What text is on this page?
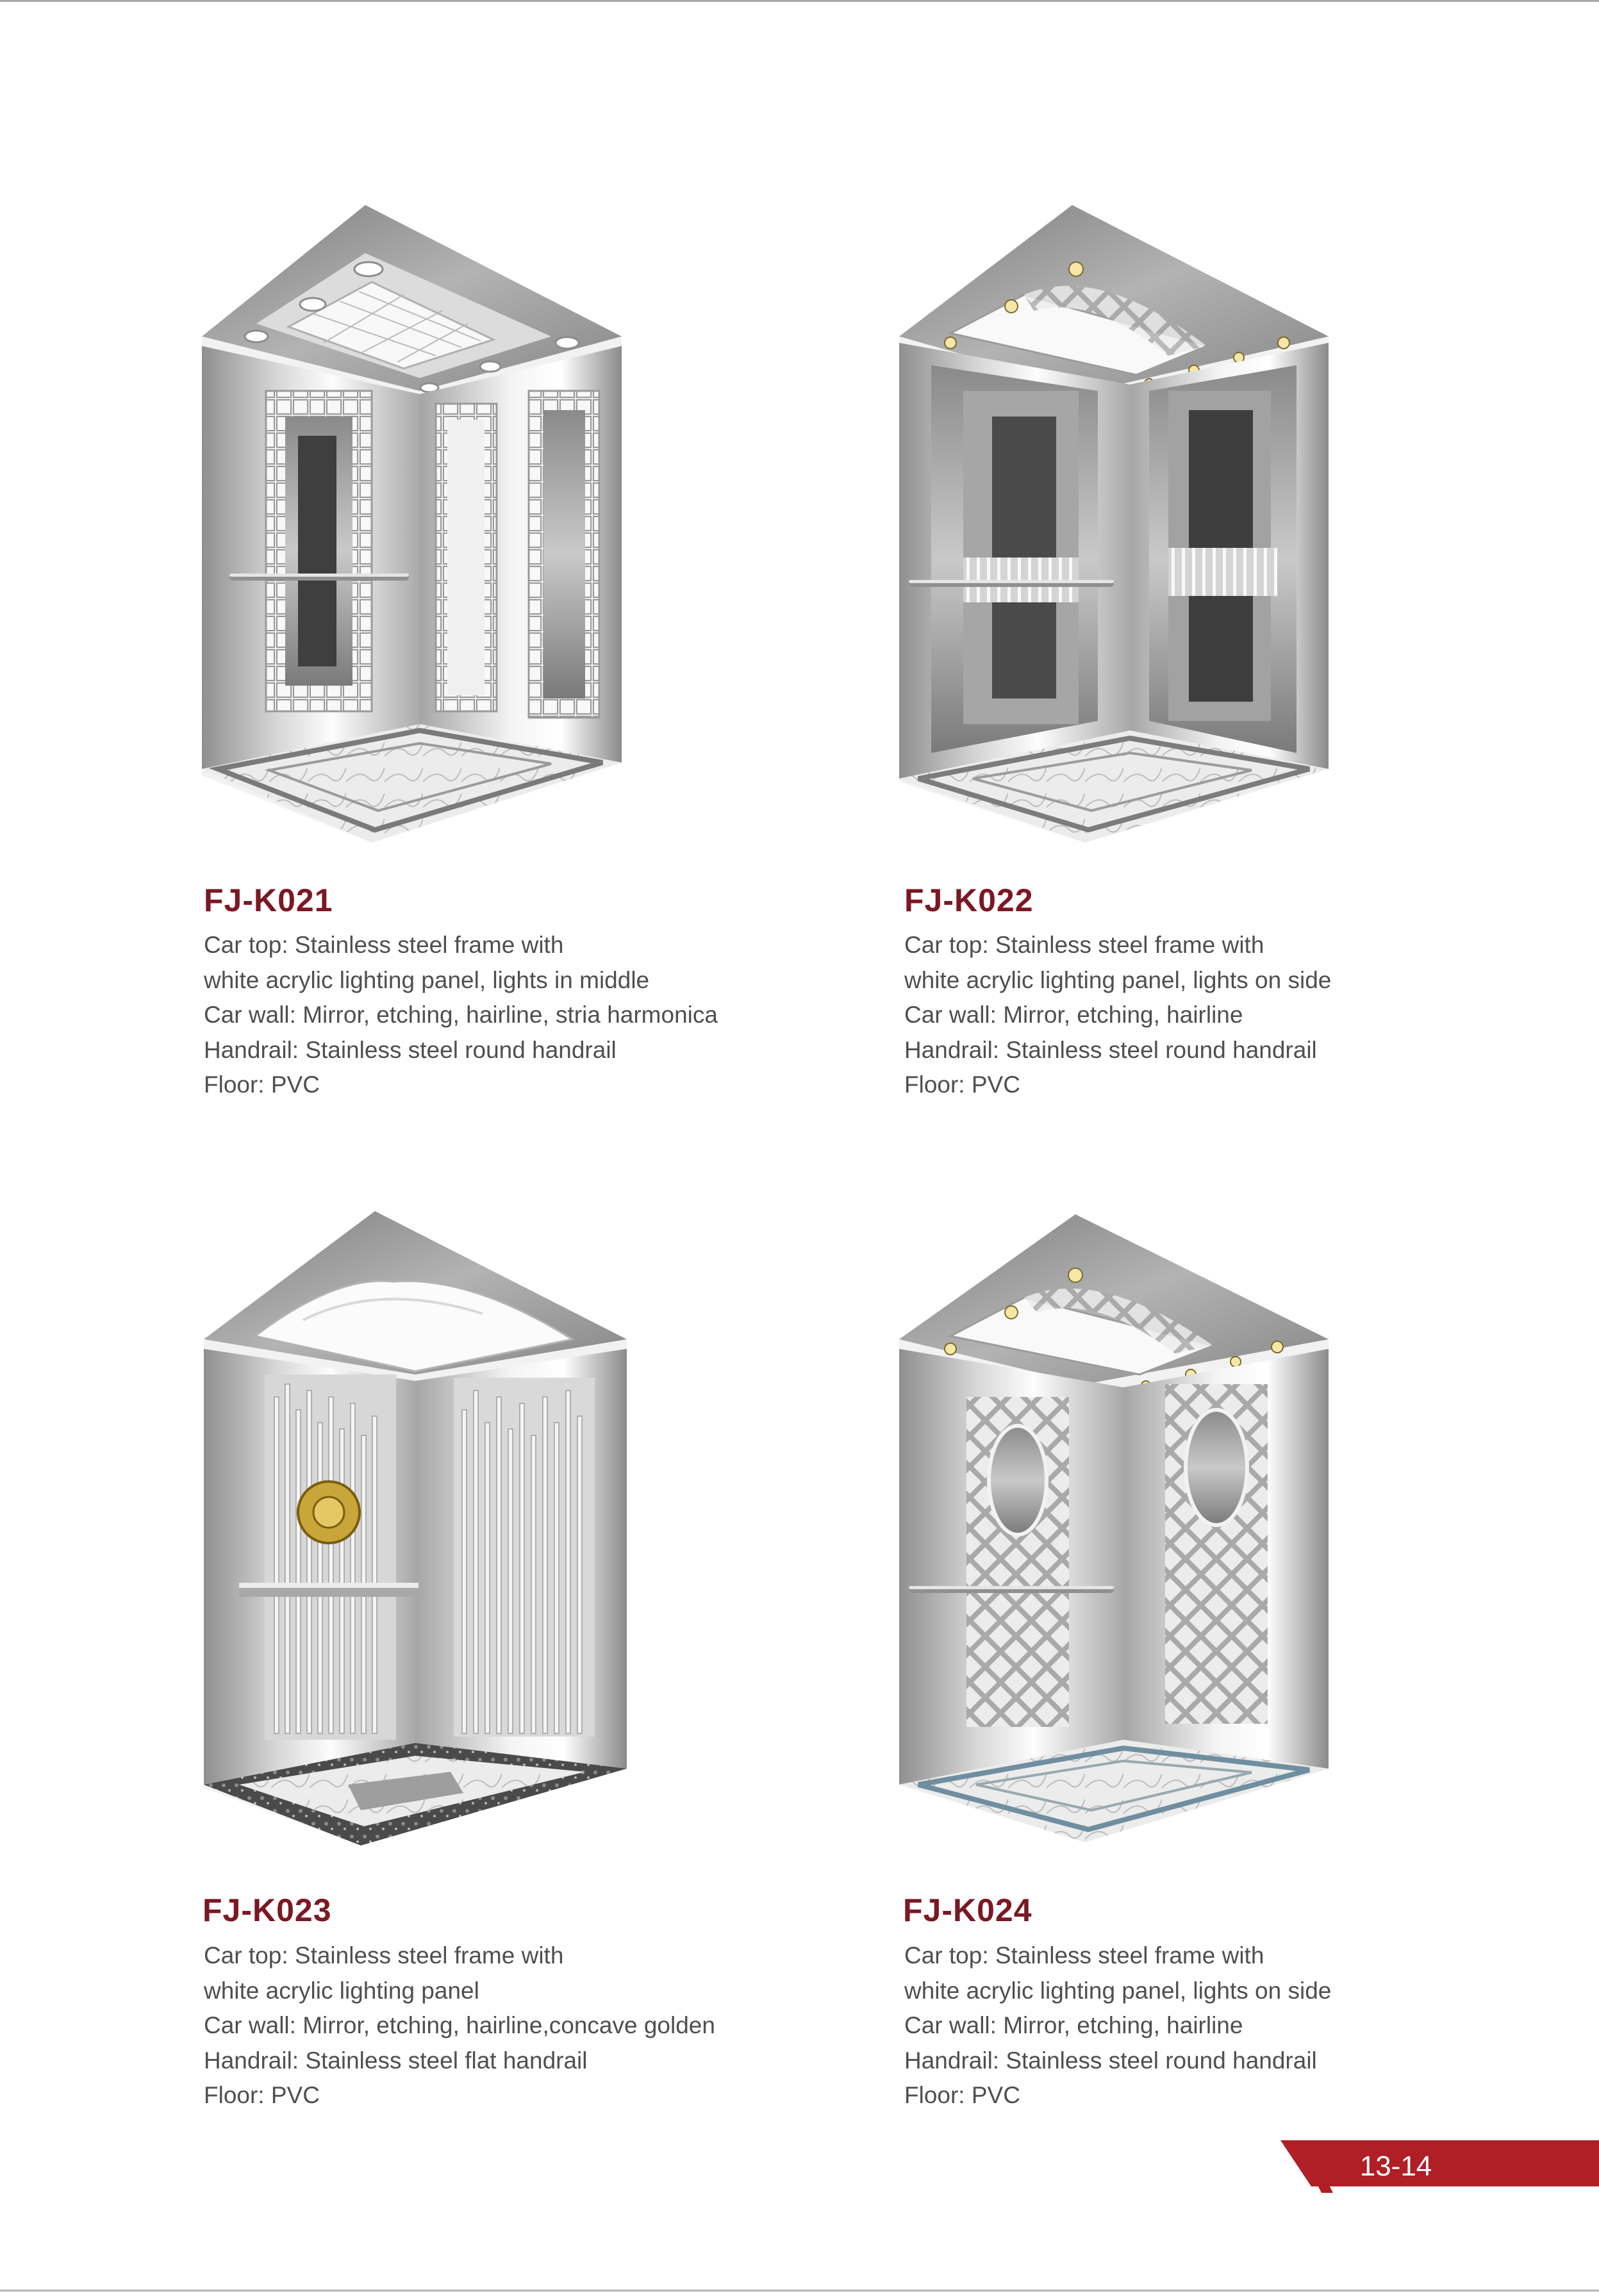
FJ-K021
Car top: Stainless steel frame with
white acrylic lighting panel, lights in middle
Car wall: Mirror, etching, hairline, stria harmonica
Handrail: Stainless steel round handrail
Floor: PVC
FJ-K022
Car top: Stainless steel frame with
white acrylic lighting panel, lights on side
Car wall: Mirror, etching, hairline
Handrail: Stainless steel round handrail
Floor: PVC
FJ-K023
Car top: Stainless steel frame with
white acrylic lighting panel
Car wall: Mirror, etching, hairline,concave golden
Handrail: Stainless steel flat handrail
Floor: PVC
FJ-K024
Car top: Stainless steel frame with
white acrylic lighting panel, lights on side
Car wall: Mirror, etching, hairline
Handrail: Stainless steel round handrail
Floor: PVC
13-14
